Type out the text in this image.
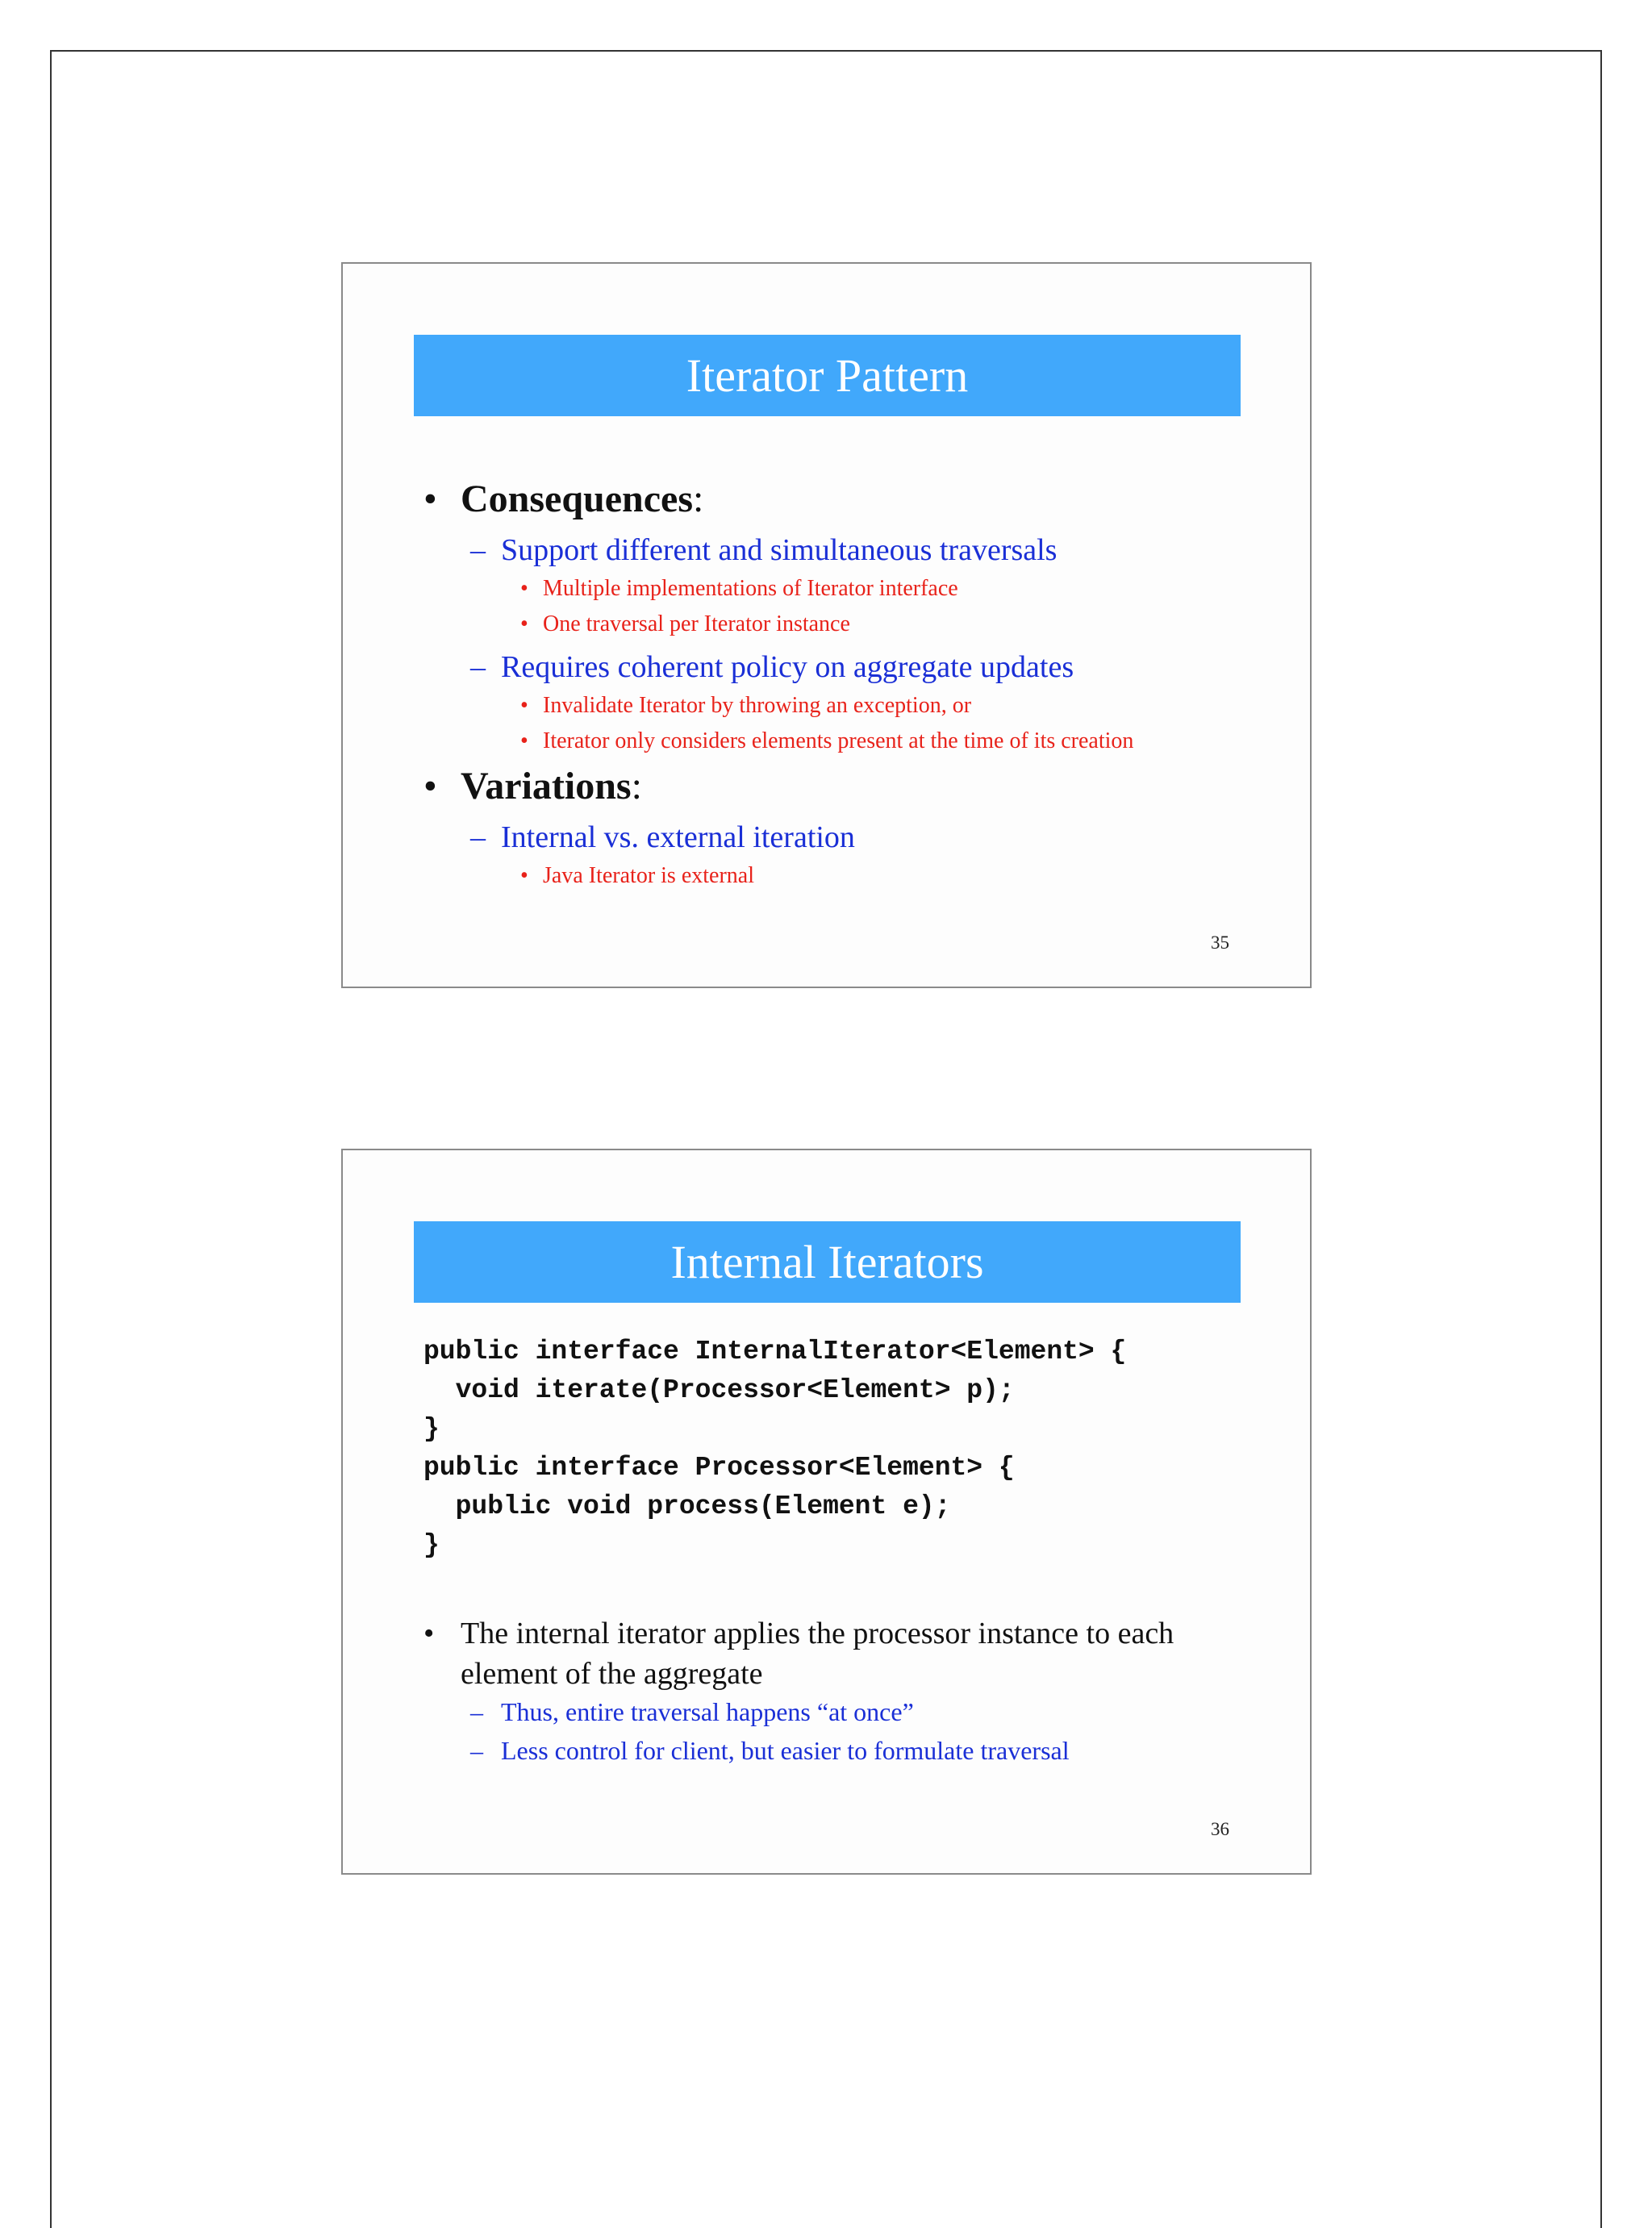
Iterator Pattern
• Consequences:
– Support different and simultaneous traversals
• Multiple implementations of Iterator interface
• One traversal per Iterator instance
– Requires coherent policy on aggregate updates
• Invalidate Iterator by throwing an exception, or
• Iterator only considers elements present at the time of its creation
• Variations:
– Internal vs. external iteration
• Java Iterator is external
35
Internal Iterators
public interface InternalIterator<Element> {
void iterate(Processor<Element> p);
}
public interface Processor<Element> {
public void process(Element e);
}
• The internal iterator applies the processor instance to each element of the aggregate
– Thus, entire traversal happens “at once”
– Less control for client, but easier to formulate traversal
36
